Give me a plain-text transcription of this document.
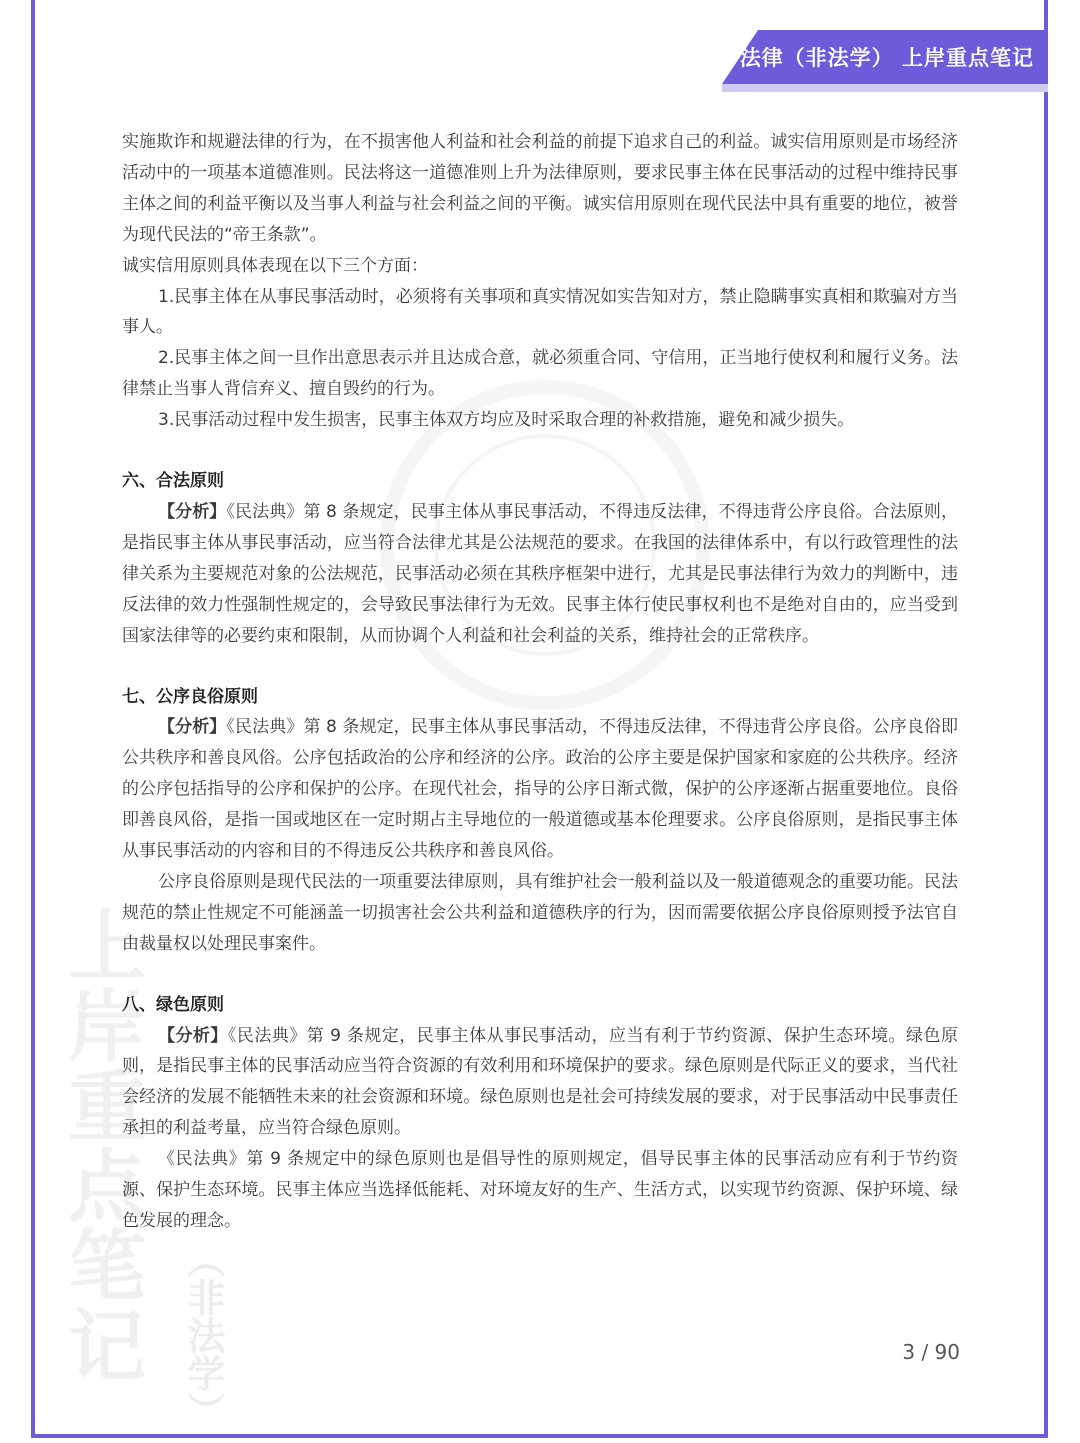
上岸重点笔记 （非法学）
法律（非法学） 上岸重点笔记

实施欺诈和规避法律的行为，在不损害他人利益和社会利益的前提下追求自己的利益。诚实信用原则是市场经济活动中的一项基本道德准则。民法将这一道德准则上升为法律原则，要求民事主体在民事活动的过程中维持民事主体之间的利益平衡以及当事人利益与社会利益之间的平衡。诚实信用原则在现代民法中具有重要的地位，被誉为现代民法的“帝王条款”。

诚实信用原则具体表现在以下三个方面：

1.民事主体在从事民事活动时，必须将有关事项和真实情况如实告知对方，禁止隐瞒事实真相和欺骗对方当事人。

2.民事主体之间一旦作出意思表示并且达成合意，就必须重合同、守信用，正当地行使权利和履行义务。法律禁止当事人背信弃义、擅自毁约的行为。

3.民事活动过程中发生损害，民事主体双方均应及时采取合理的补救措施，避免和减少损失。

六、合法原则

【分析】《民法典》第 8 条规定，民事主体从事民事活动，不得违反法律，不得违背公序良俗。合法原则，是指民事主体从事民事活动，应当符合法律尤其是公法规范的要求。在我国的法律体系中，有以行政管理性的法律关系为主要规范对象的公法规范，民事活动必须在其秩序框架中进行，尤其是民事法律行为效力的判断中，违反法律的效力性强制性规定的，会导致民事法律行为无效。民事主体行使民事权利也不是绝对自由的，应当受到国家法律等的必要约束和限制，从而协调个人利益和社会利益的关系，维持社会的正常秩序。

七、公序良俗原则

【分析】《民法典》第 8 条规定，民事主体从事民事活动，不得违反法律，不得违背公序良俗。公序良俗即公共秩序和善良风俗。公序包括政治的公序和经济的公序。政治的公序主要是保护国家和家庭的公共秩序。经济的公序包括指导的公序和保护的公序。在现代社会，指导的公序日渐式微，保护的公序逐渐占据重要地位。良俗即善良风俗，是指一国或地区在一定时期占主导地位的一般道德或基本伦理要求。公序良俗原则，是指民事主体从事民事活动的内容和目的不得违反公共秩序和善良风俗。

公序良俗原则是现代民法的一项重要法律原则，具有维护社会一般利益以及一般道德观念的重要功能。民法规范的禁止性规定不可能涵盖一切损害社会公共利益和道德秩序的行为，因而需要依据公序良俗原则授予法官自由裁量权以处理民事案件。

八、绿色原则

【分析】《民法典》第 9 条规定，民事主体从事民事活动，应当有利于节约资源、保护生态环境。绿色原则，是指民事主体的民事活动应当符合资源的有效利用和环境保护的要求。绿色原则是代际正义的要求，当代社会经济的发展不能牺牲未来的社会资源和环境。绿色原则也是社会可持续发展的要求，对于民事活动中民事责任承担的利益考量，应当符合绿色原则。

《民法典》第 9 条规定中的绿色原则也是倡导性的原则规定，倡导民事主体的民事活动应有利于节约资源、保护生态环境。民事主体应当选择低能耗、对环境友好的生产、生活方式，以实现节约资源、保护环境、绿色发展的理念。

3 / 90
